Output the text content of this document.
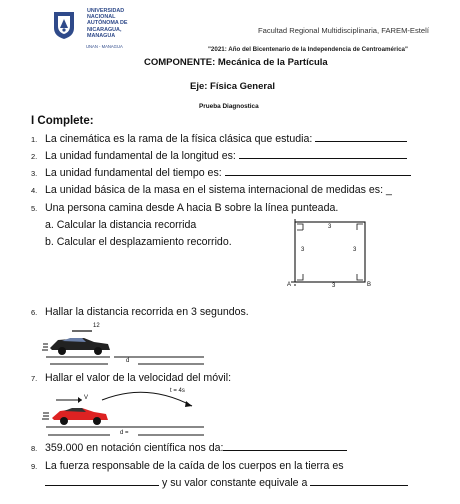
UNIVERSIDAD
NACIONAL
AUTÓNOMA DE
NICARAGUA,
MANAGUA
UNAN - MANAGUA
Facultad Regional Multidisciplinaria, FAREM-Estelí
"2021: Año del Bicentenario de la Independencia de Centroamérica"
COMPONENTE: Mecánica de la Partícula
Eje: Física General
Prueba Diagnostica
I Complete:
1. La cinemática es la rama de la física clásica que estudia:
2. La unidad fundamental de la longitud es:
3. La unidad fundamental del tiempo es:
4. La unidad básica de la masa en el sistema internacional de medidas es: _
5. Una persona camina desde A hacia B sobre la línea punteada.
a. Calcular la distancia recorrida
b. Calcular el desplazamiento recorrido.
3
3	3
3
A	B
6. Hallar la distancia recorrida en 3 segundos.
12
d
7. Hallar el valor de la velocidad del móvil:
V
t = 4s
d =
8. 359.000 en notación científica nos da:
9. La fuerza responsable de la caída de los cuerpos en la tierra es
y su valor constante equivale a
